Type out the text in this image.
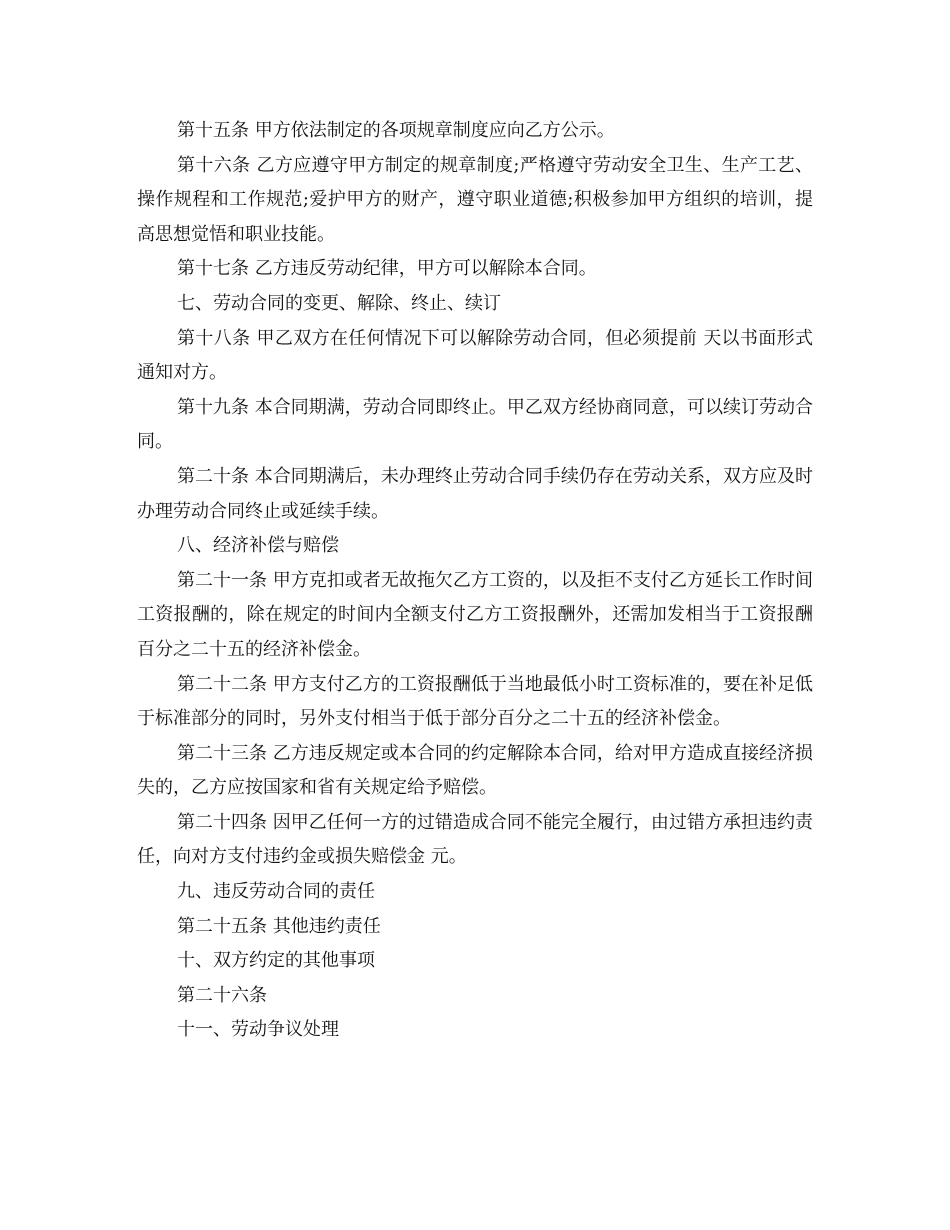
第十五条 甲方依法制定的各项规章制度应向乙方公示。

第十六条 乙方应遵守甲方制定的规章制度;严格遵守劳动安全卫生、生产工艺、操作规程和工作规范;爱护甲方的财产，遵守职业道德;积极参加甲方组织的培训，提高思想觉悟和职业技能。

第十七条 乙方违反劳动纪律，甲方可以解除本合同。

七、劳动合同的变更、解除、终止、续订

第十八条 甲乙双方在任何情况下可以解除劳动合同，但必须提前 天以书面形式通知对方。

第十九条 本合同期满，劳动合同即终止。甲乙双方经协商同意，可以续订劳动合同。

第二十条 本合同期满后，未办理终止劳动合同手续仍存在劳动关系，双方应及时办理劳动合同终止或延续手续。

八、经济补偿与赔偿

第二十一条 甲方克扣或者无故拖欠乙方工资的，以及拒不支付乙方延长工作时间工资报酬的，除在规定的时间内全额支付乙方工资报酬外，还需加发相当于工资报酬百分之二十五的经济补偿金。

第二十二条 甲方支付乙方的工资报酬低于当地最低小时工资标准的，要在补足低于标准部分的同时，另外支付相当于低于部分百分之二十五的经济补偿金。

第二十三条 乙方违反规定或本合同的约定解除本合同，给对甲方造成直接经济损失的，乙方应按国家和省有关规定给予赔偿。

第二十四条 因甲乙任何一方的过错造成合同不能完全履行，由过错方承担违约责任，向对方支付违约金或损失赔偿金 元。

九、违反劳动合同的责任

第二十五条 其他违约责任

十、双方约定的其他事项

第二十六条

十一、劳动争议处理
